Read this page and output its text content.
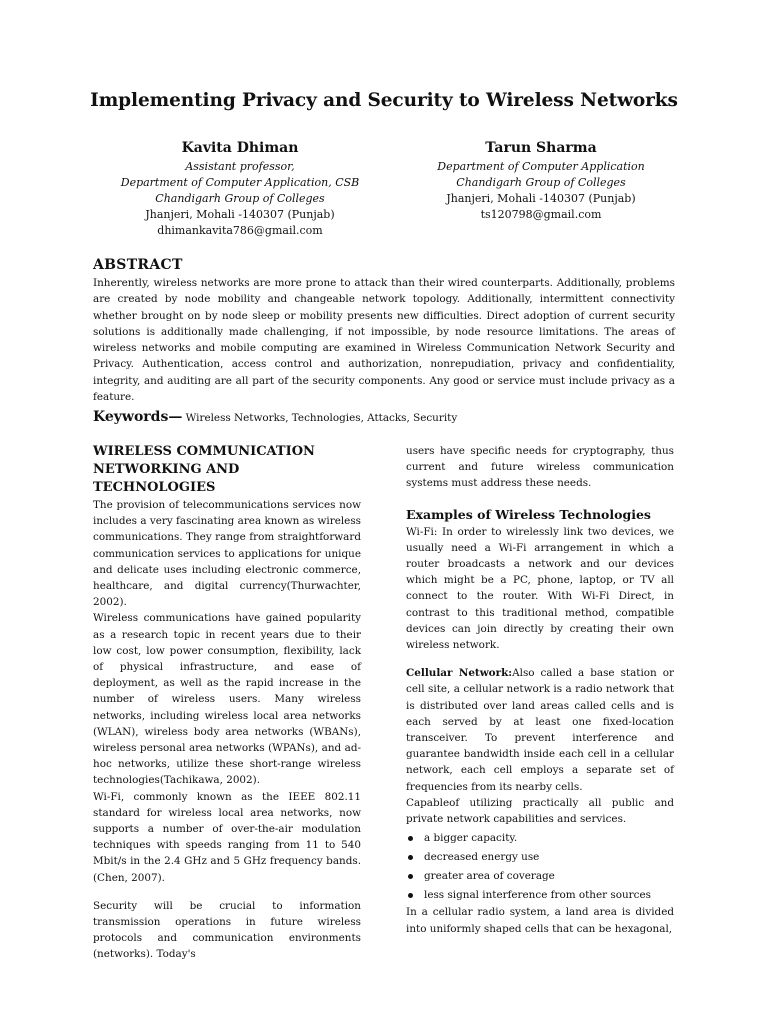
Implementing Privacy and Security to Wireless Networks
Kavita Dhiman
Assistant professor,
Department of Computer Application, CSB
Chandigarh Group of Colleges
Jhanjeri, Mohali -140307 (Punjab)
dhimankavita786@gmail.com
Tarun Sharma
Department of Computer Application
Chandigarh Group of Colleges
Jhanjeri, Mohali -140307 (Punjab)
ts120798@gmail.com
ABSTRACT
Inherently, wireless networks are more prone to attack than their wired counterparts. Additionally, problems are created by node mobility and changeable network topology. Additionally, intermittent connectivity whether brought on by node sleep or mobility presents new difficulties. Direct adoption of current security solutions is additionally made challenging, if not impossible, by node resource limitations. The areas of wireless networks and mobile computing are examined in Wireless Communication Network Security and Privacy. Authentication, access control and authorization, nonrepudiation, privacy and confidentiality, integrity, and auditing are all part of the security components. Any good or service must include privacy as a feature.
Keywords— Wireless Networks, Technologies, Attacks, Security
WIRELESS COMMUNICATION NETWORKING AND TECHNOLOGIES

The provision of telecommunications services now includes a very fascinating area known as wireless communications. They range from straightforward communication services to applications for unique and delicate uses including electronic commerce, healthcare, and digital currency(Thurwachter, 2002).

Wireless communications have gained popularity as a research topic in recent years due to their low cost, low power consumption, flexibility, lack of physical infrastructure, and ease of deployment, as well as the rapid increase in the number of wireless users. Many wireless networks, including wireless local area networks (WLAN), wireless body area networks (WBANs), wireless personal area networks (WPANs), and ad-hoc networks, utilize these short-range wireless technologies(Tachikawa, 2002).

Wi-Fi, commonly known as the IEEE 802.11 standard for wireless local area networks, now supports a number of over-the-air modulation techniques with speeds ranging from 11 to 540 Mbit/s in the 2.4 GHz and 5 GHz frequency bands. (Chen, 2007).

Security will be crucial to information transmission operations in future wireless protocols and communication environments (networks). Today's

users have specific needs for cryptography, thus current and future wireless communication systems must address these needs.

Examples of Wireless Technologies

Wi-Fi: In order to wirelessly link two devices, we usually need a Wi-Fi arrangement in which a router broadcasts a network and our devices which might be a PC, phone, laptop, or TV all connect to the router. With Wi-Fi Direct, in contrast to this traditional method, compatible devices can join directly by creating their own wireless network.

Cellular Network:Also called a base station or cell site, a cellular network is a radio network that is distributed over land areas called cells and is each served by at least one fixed-location transceiver. To prevent interference and guarantee bandwidth inside each cell in a cellular network, each cell employs a separate set of frequencies from its nearby cells.

Capableof utilizing practically all public and private network capabilities and services.

a bigger capacity.
decreased energy use
greater area of coverage
less signal interference from other sources

In a cellular radio system, a land area is divided into uniformly shaped cells that can be hexagonal,
